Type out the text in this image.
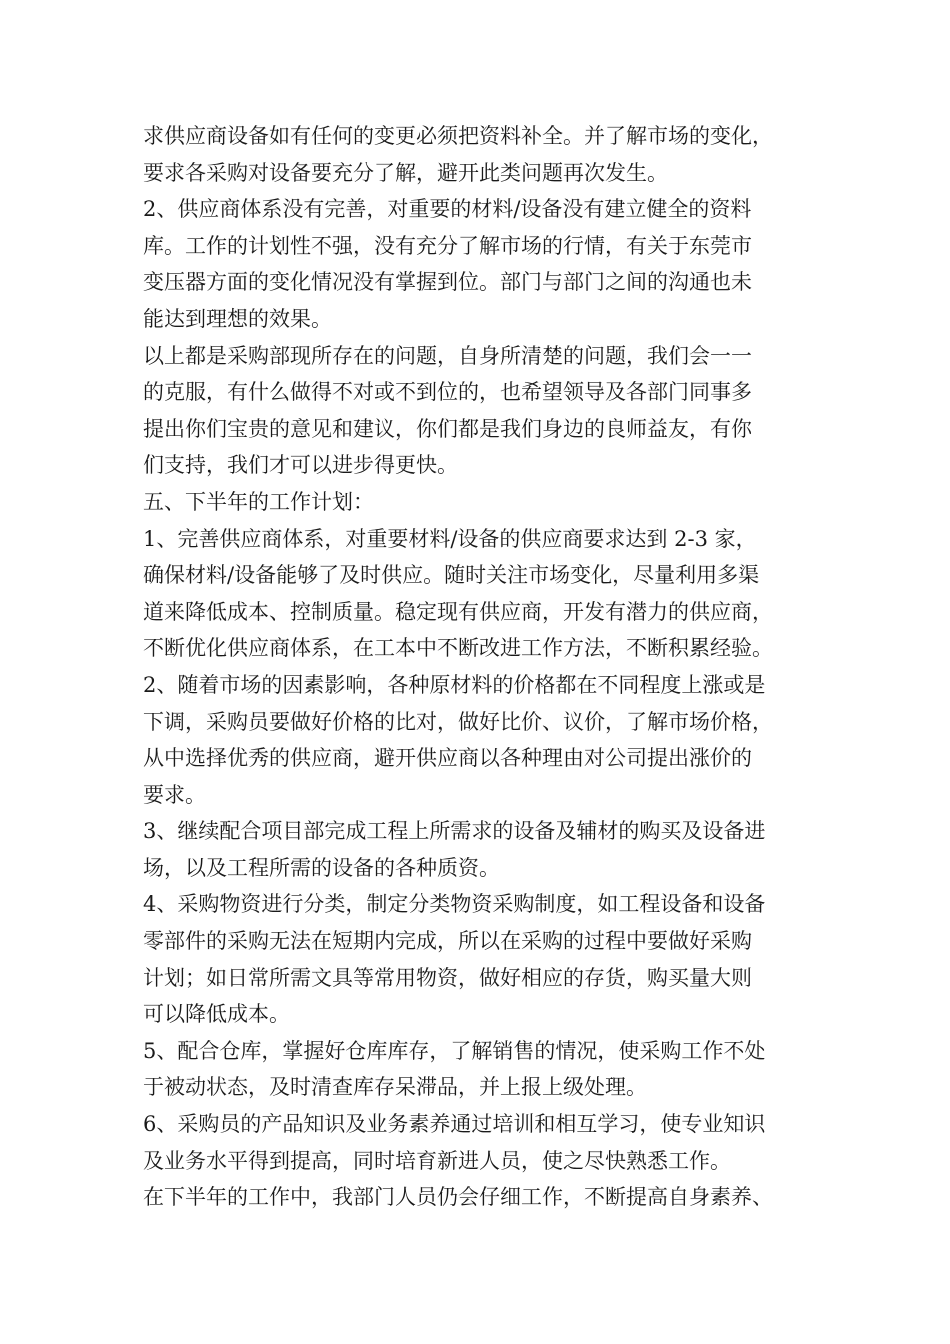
求供应商设备如有任何的变更必须把资料补全。并了解市场的变化，
要求各采购对设备要充分了解，避开此类问题再次发生。
2、供应商体系没有完善，对重要的材料/设备没有建立健全的资料
库。工作的计划性不强，没有充分了解市场的行情，有关于东莞市
变压器方面的变化情况没有掌握到位。部门与部门之间的沟通也未
能达到理想的效果。
以上都是采购部现所存在的问题，自身所清楚的问题，我们会一一
的克服，有什么做得不对或不到位的，也希望领导及各部门同事多
提出你们宝贵的意见和建议，你们都是我们身边的良师益友，有你
们支持，我们才可以进步得更快。
五、下半年的工作计划：
1、完善供应商体系，对重要材料/设备的供应商要求达到 2-3 家，
确保材料/设备能够了及时供应。随时关注市场变化，尽量利用多渠
道来降低成本、控制质量。稳定现有供应商，开发有潜力的供应商，
不断优化供应商体系，在工本中不断改进工作方法，不断积累经验。
2、随着市场的因素影响，各种原材料的价格都在不同程度上涨或是
下调，采购员要做好价格的比对，做好比价、议价，了解市场价格，
从中选择优秀的供应商，避开供应商以各种理由对公司提出涨价的
要求。
3、继续配合项目部完成工程上所需求的设备及辅材的购买及设备进
场，以及工程所需的设备的各种质资。
4、采购物资进行分类，制定分类物资采购制度，如工程设备和设备
零部件的采购无法在短期内完成，所以在采购的过程中要做好采购
计划；如日常所需文具等常用物资，做好相应的存货，购买量大则
可以降低成本。
5、配合仓库，掌握好仓库库存，了解销售的情况，使采购工作不处
于被动状态，及时清查库存呆滞品，并上报上级处理。
6、采购员的产品知识及业务素养通过培训和相互学习，使专业知识
及业务水平得到提高，同时培育新进人员，使之尽快熟悉工作。
在下半年的工作中，我部门人员仍会仔细工作，不断提高自身素养、
